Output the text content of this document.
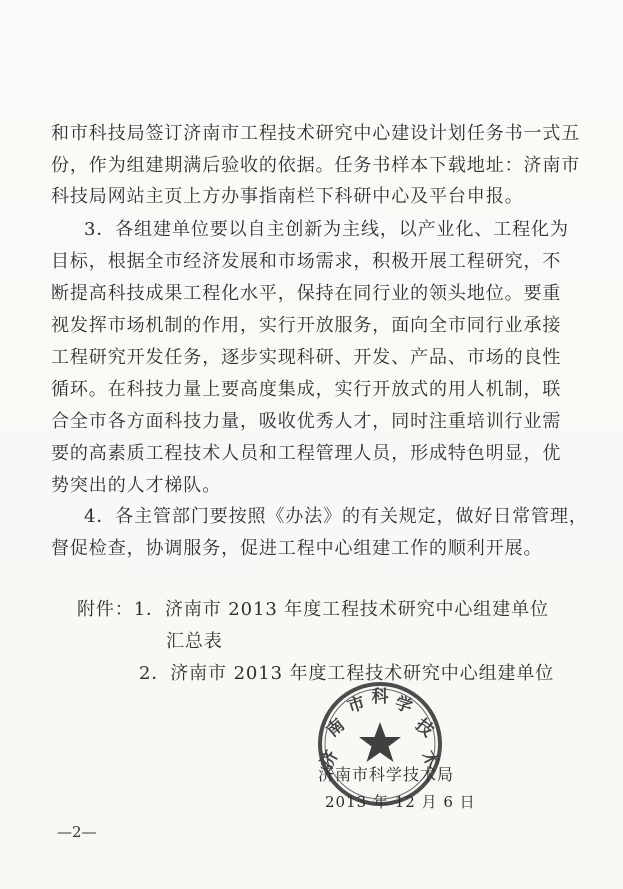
和市科技局签订济南市工程技术研究中心建设计划任务书一式五
份，作为组建期满后验收的依据。任务书样本下载地址：济南市
科技局网站主页上方办事指南栏下科研中心及平台申报。
3．各组建单位要以自主创新为主线，以产业化、工程化为
目标，根据全市经济发展和市场需求，积极开展工程研究，不
断提高科技成果工程化水平，保持在同行业的领头地位。要重
视发挥市场机制的作用，实行开放服务，面向全市同行业承接
工程研究开发任务，逐步实现科研、开发、产品、市场的良性
循环。在科技力量上要高度集成，实行开放式的用人机制，联
合全市各方面科技力量，吸收优秀人才，同时注重培训行业需
要的高素质工程技术人员和工程管理人员，形成特色明显，优
势突出的人才梯队。
4．各主管部门要按照《办法》的有关规定，做好日常管理，
督促检查，协调服务，促进工程中心组建工作的顺利开展。
附件：1．济南市 2013 年度工程技术研究中心组建单位
汇总表
2．济南市 2013 年度工程技术研究中心组建单位
济
南
市 科 学
技
术
济南市科学技术局
2013 年 12 月 6 日
—2—
